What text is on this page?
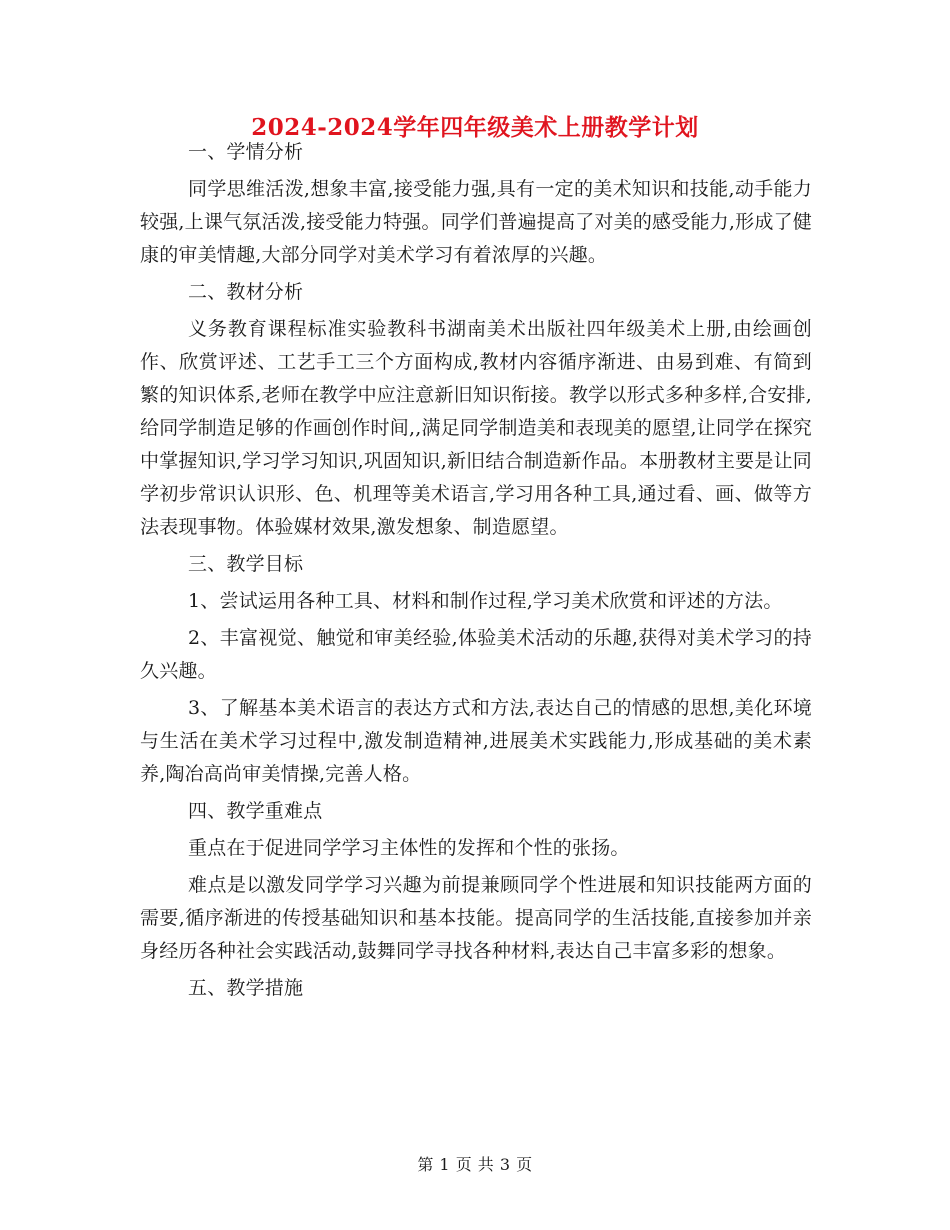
2024-2024学年四年级美术上册教学计划
一、学情分析

同学思维活泼,想象丰富,接受能力强,具有一定的美术知识和技能,动手能力较强,上课气氛活泼,接受能力特强。同学们普遍提高了对美的感受能力,形成了健康的审美情趣,大部分同学对美术学习有着浓厚的兴趣。

二、教材分析

义务教育课程标准实验教科书湖南美术出版社四年级美术上册,由绘画创作、欣赏评述、工艺手工三个方面构成,教材内容循序渐进、由易到难、有简到繁的知识体系,老师在教学中应注意新旧知识衔接。教学以形式多种多样,合安排,给同学制造足够的作画创作时间,,满足同学制造美和表现美的愿望,让同学在探究中掌握知识,学习学习知识,巩固知识,新旧结合制造新作品。本册教材主要是让同学初步常识认识形、色、机理等美术语言,学习用各种工具,通过看、画、做等方法表现事物。体验媒材效果,激发想象、制造愿望。

三、教学目标

1、尝试运用各种工具、材料和制作过程,学习美术欣赏和评述的方法。

2、丰富视觉、触觉和审美经验,体验美术活动的乐趣,获得对美术学习的持久兴趣。

3、了解基本美术语言的表达方式和方法,表达自己的情感的思想,美化环境与生活在美术学习过程中,激发制造精神,进展美术实践能力,形成基础的美术素养,陶冶高尚审美情操,完善人格。

四、教学重难点

重点在于促进同学学习主体性的发挥和个性的张扬。

难点是以激发同学学习兴趣为前提兼顾同学个性进展和知识技能两方面的需要,循序渐进的传授基础知识和基本技能。提高同学的生活技能,直接参加并亲身经历各种社会实践活动,鼓舞同学寻找各种材料,表达自己丰富多彩的想象。

五、教学措施
第 1 页 共 3 页
